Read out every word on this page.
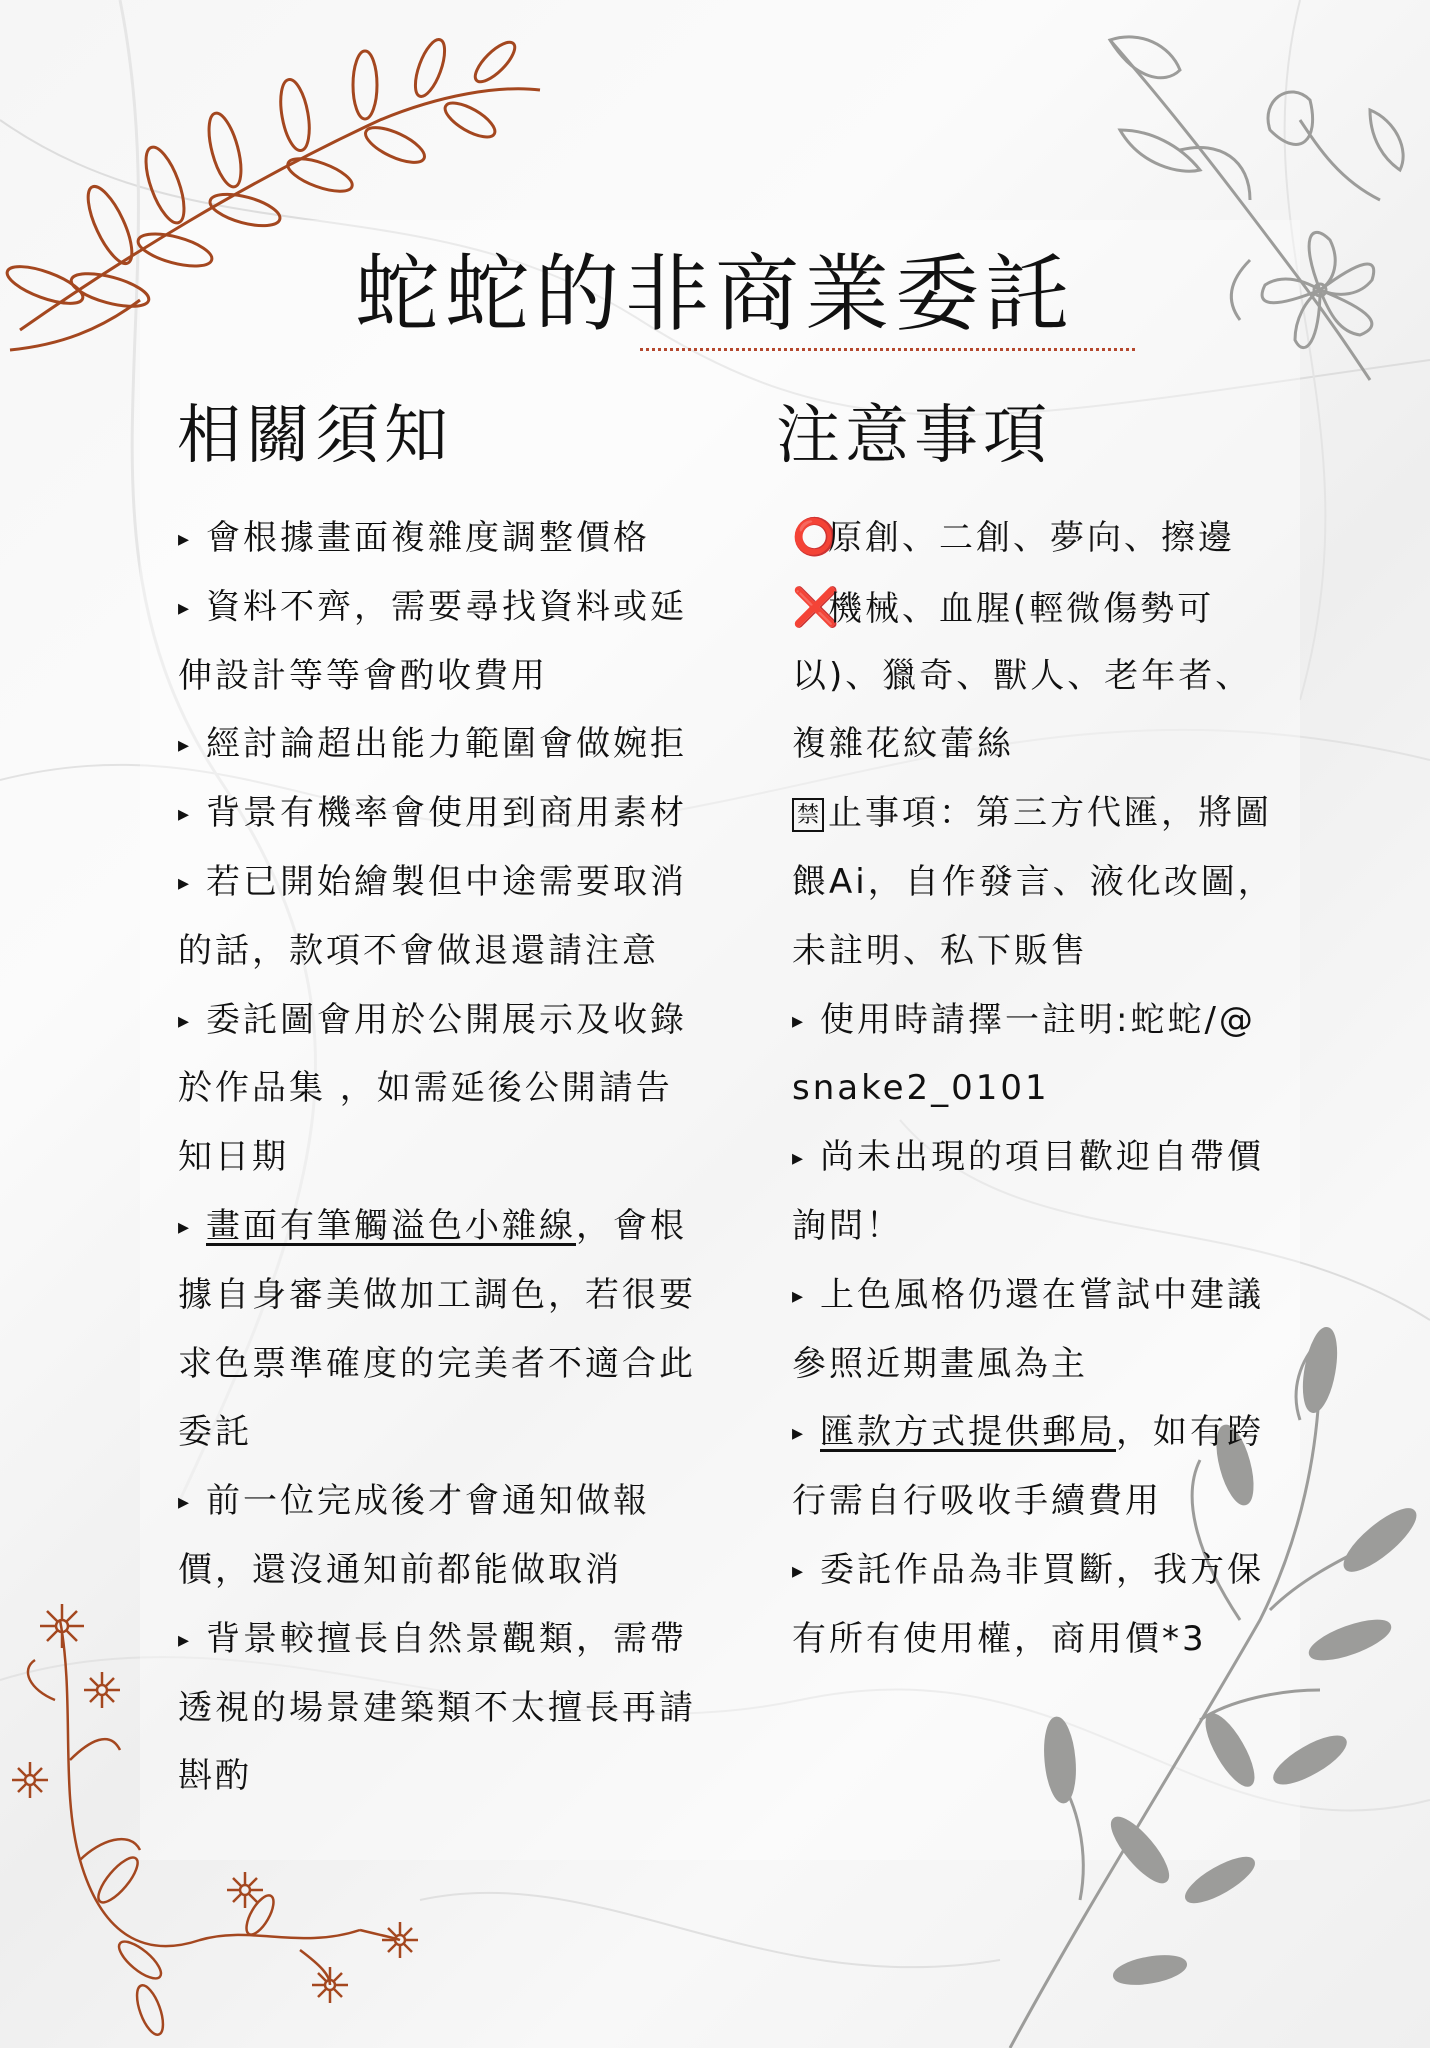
蛇蛇的非商業委託
相關須知	注意事項
▸ 會根據畫面複雜度調整價格
▸ 資料不齊，需要尋找資料或延
伸設計等等會酌收費用
▸ 經討論超出能力範圍會做婉拒
▸ 背景有機率會使用到商用素材
▸ 若已開始繪製但中途需要取消
的話，款項不會做退還請注意
▸ 委託圖會用於公開展示及收錄
於作品集 ，如需延後公開請告
知日期
▸ 畫面有筆觸溢色小雜線，會根
據自身審美做加工調色，若很要
求色票準確度的完美者不適合此
委託
▸ 前一位完成後才會通知做報
價，還沒通知前都能做取消
▸ 背景較擅長自然景觀類，需帶
透視的場景建築類不太擅長再請
斟酌
⭕原創、二創、夢向、擦邊
❌機械、血腥(輕微傷勢可
以)、獵奇、獸人、老年者、
複雜花紋蕾絲
禁 止事項：第三方代匯，將圖
餵Ai，自作發言、液化改圖，
未註明、私下販售
▸ 使用時請擇一註明:蛇蛇/@
snake2_0101
▸ 尚未出現的項目歡迎自帶價
詢問！
▸ 上色風格仍還在嘗試中建議
參照近期畫風為主
▸ 匯款方式提供郵局，如有跨
行需自行吸收手續費用
▸ 委託作品為非買斷，我方保
有所有使用權，商用價*3
